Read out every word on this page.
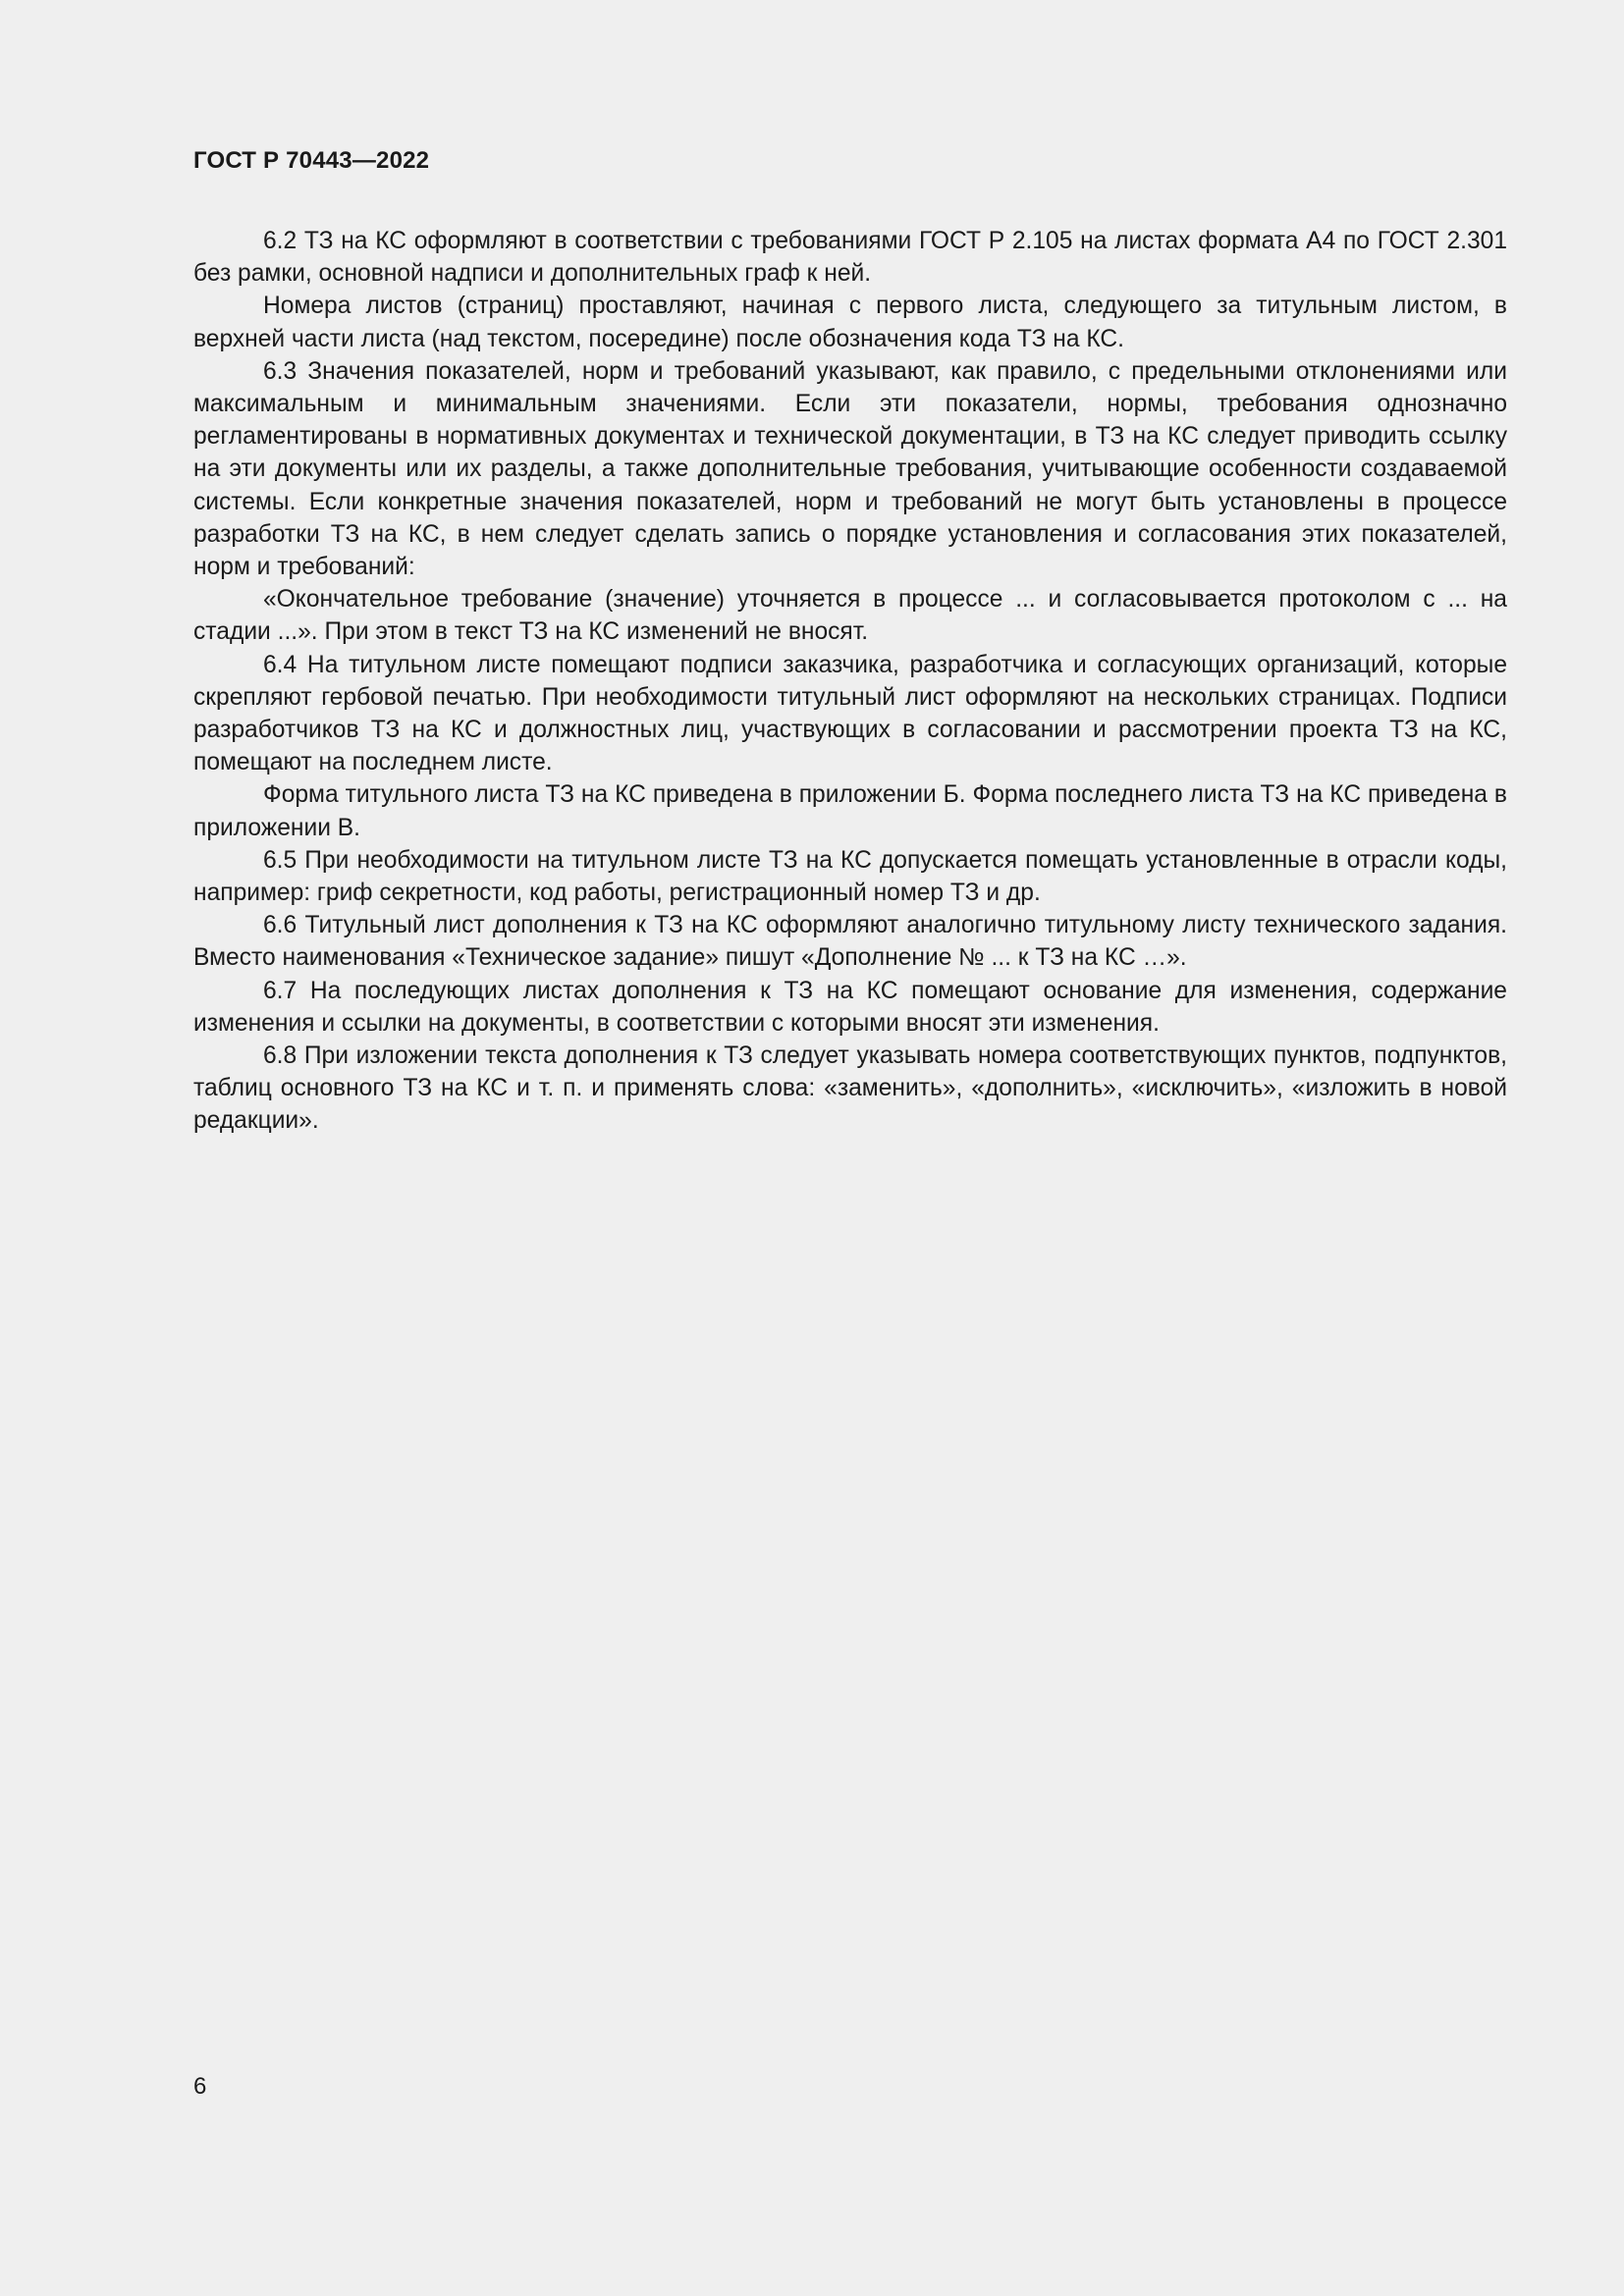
ГОСТ Р 70443—2022

6.2 ТЗ на КС оформляют в соответствии с требованиями ГОСТ Р 2.105 на листах формата А4 по ГОСТ 2.301 без рамки, основной надписи и дополнительных граф к ней.

Номера листов (страниц) проставляют, начиная с первого листа, следующего за титульным листом, в верхней части листа (над текстом, посередине) после обозначения кода ТЗ на КС.

6.3 Значения показателей, норм и требований указывают, как правило, с предельными отклонениями или максимальным и минимальным значениями. Если эти показатели, нормы, требования однозначно регламентированы в нормативных документах и технической документации, в ТЗ на КС следует приводить ссылку на эти документы или их разделы, а также дополнительные требования, учитывающие особенности создаваемой системы. Если конкретные значения показателей, норм и требований не могут быть установлены в процессе разработки ТЗ на КС, в нем следует сделать запись о порядке установления и согласования этих показателей, норм и требований:

«Окончательное требование (значение) уточняется в процессе ... и согласовывается протоколом с ... на стадии ...». При этом в текст ТЗ на КС изменений не вносят.

6.4 На титульном листе помещают подписи заказчика, разработчика и согласующих организаций, которые скрепляют гербовой печатью. При необходимости титульный лист оформляют на нескольких страницах. Подписи разработчиков ТЗ на КС и должностных лиц, участвующих в согласовании и рассмотрении проекта ТЗ на КС, помещают на последнем листе.

Форма титульного листа ТЗ на КС приведена в приложении Б. Форма последнего листа ТЗ на КС приведена в приложении В.

6.5 При необходимости на титульном листе ТЗ на КС допускается помещать установленные в отрасли коды, например: гриф секретности, код работы, регистрационный номер ТЗ и др.

6.6 Титульный лист дополнения к ТЗ на КС оформляют аналогично титульному листу технического задания. Вместо наименования «Техническое задание» пишут «Дополнение № ... к ТЗ на КС …».

6.7 На последующих листах дополнения к ТЗ на КС помещают основание для изменения, содержание изменения и ссылки на документы, в соответствии с которыми вносят эти изменения.

6.8 При изложении текста дополнения к ТЗ следует указывать номера соответствующих пунктов, подпунктов, таблиц основного ТЗ на КС и т. п. и применять слова: «заменить», «дополнить», «исключить», «изложить в новой редакции».

6
